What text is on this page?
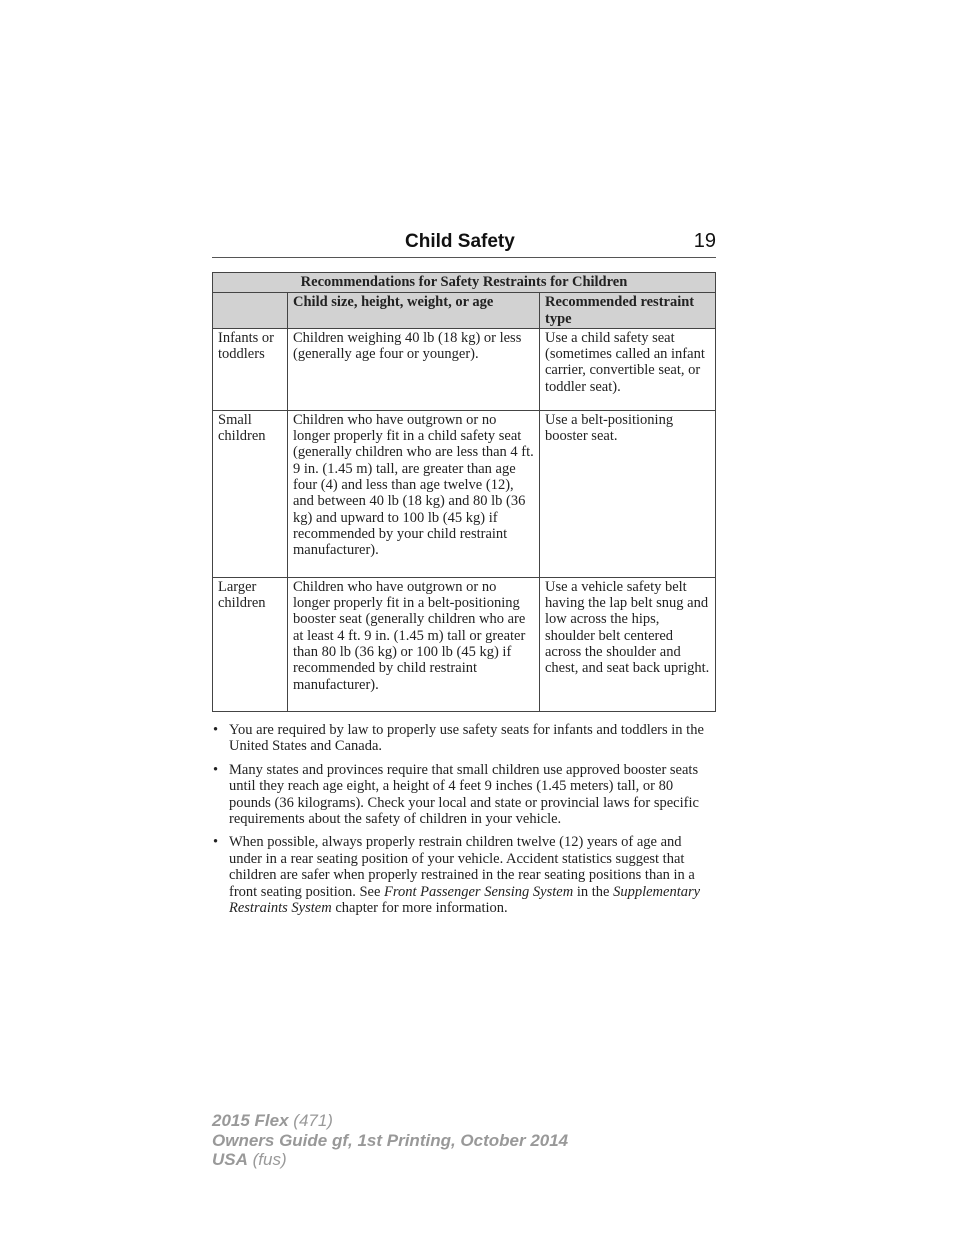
Child Safety	19
Recommendations for Safety Restraints for Children		
	Child size, height, weight, or age	Recommended restraint type
Infants or toddlers	Children weighing 40 lb (18 kg) or less (generally age four or younger).	Use a child safety seat (sometimes called an infant carrier, convertible seat, or toddler seat).
Small children	Children who have outgrown or no longer properly fit in a child safety seat (generally children who are less than 4 ft. 9 in. (1.45 m) tall, are greater than age four (4) and less than age twelve (12), and between 40 lb (18 kg) and 80 lb (36 kg) and upward to 100 lb (45 kg) if recommended by your child restraint manufacturer).	Use a belt-positioning booster seat.
Larger children	Children who have outgrown or no longer properly fit in a belt-positioning booster seat (generally children who are at least 4 ft. 9 in. (1.45 m) tall or greater than 80 lb (36 kg) or 100 lb (45 kg) if recommended by child restraint manufacturer).	Use a vehicle safety belt having the lap belt snug and low across the hips, shoulder belt centered across the shoulder and chest, and seat back upright.
• You are required by law to properly use safety seats for infants and toddlers in the United States and Canada.
• Many states and provinces require that small children use approved booster seats until they reach age eight, a height of 4 feet 9 inches (1.45 meters) tall, or 80 pounds (36 kilograms). Check your local and state or provincial laws for specific requirements about the safety of children in your vehicle.
• When possible, always properly restrain children twelve (12) years of age and under in a rear seating position of your vehicle. Accident statistics suggest that children are safer when properly restrained in the rear seating positions than in a front seating position. See Front Passenger Sensing System in the Supplementary Restraints System chapter for more information.
2015 Flex (471)
Owners Guide gf, 1st Printing, October 2014
USA (fus)
